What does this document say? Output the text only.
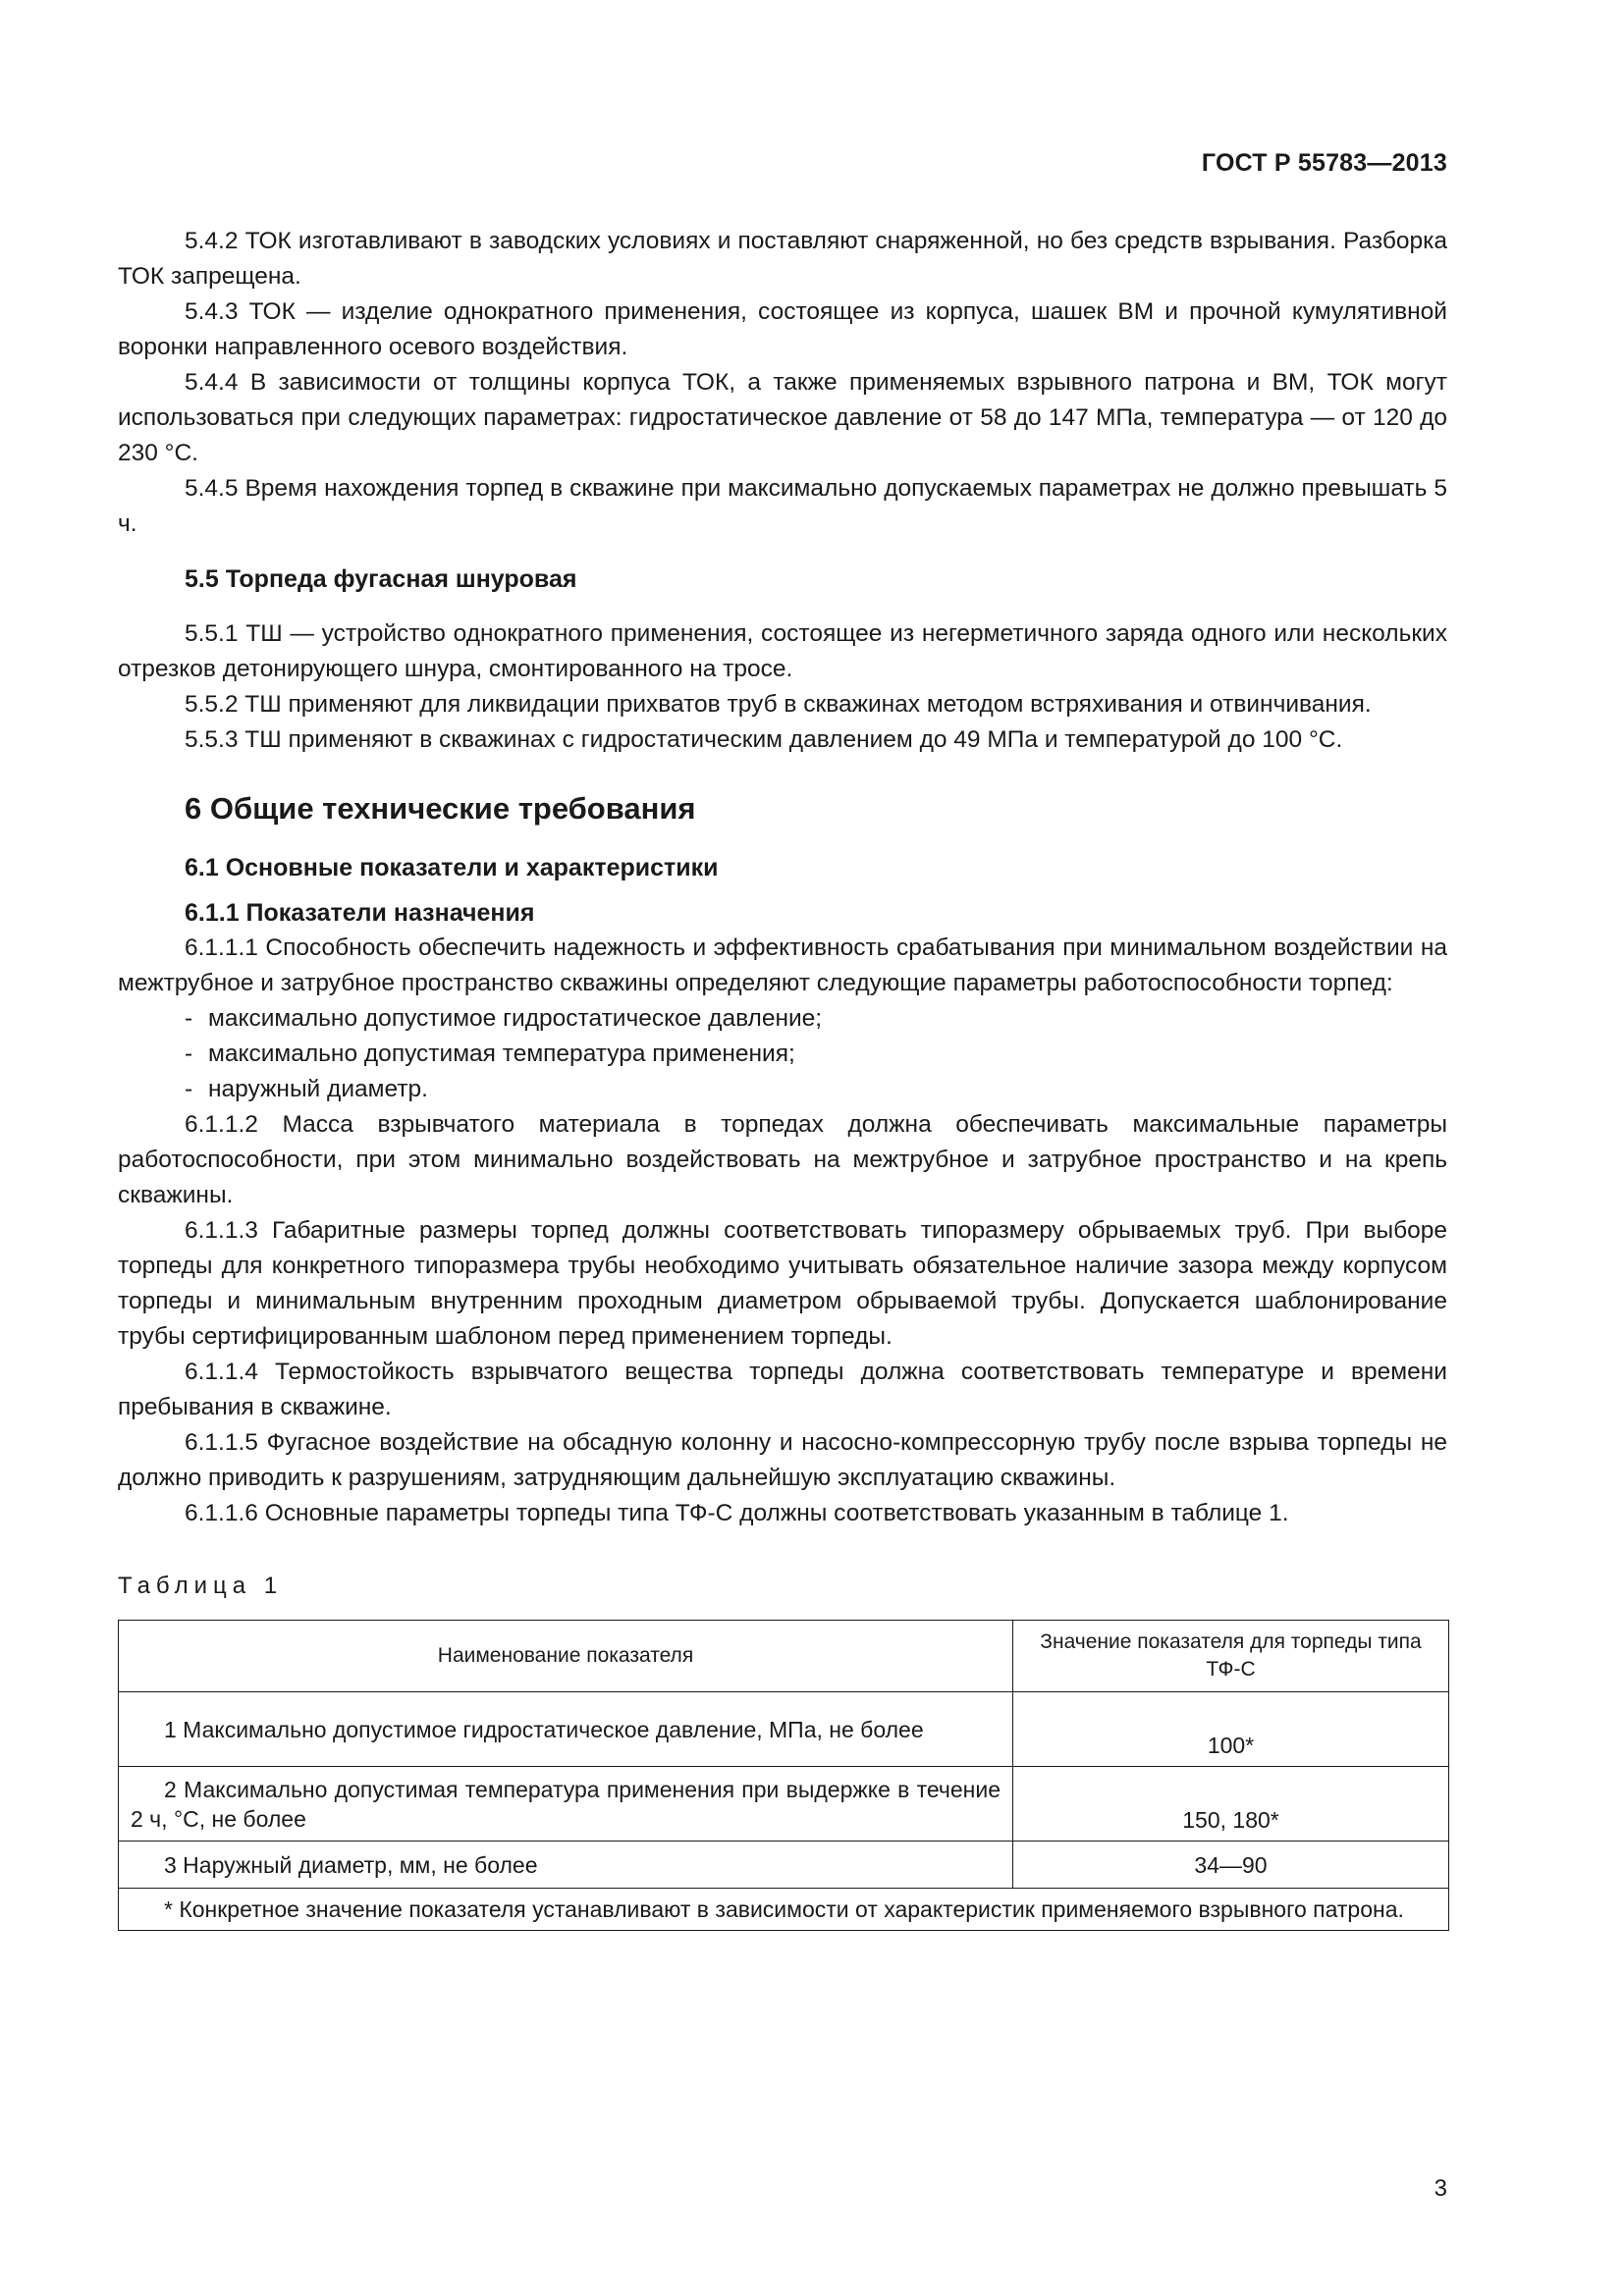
ГОСТ Р 55783—2013

5.4.2 ТОК изготавливают в заводских условиях и поставляют снаряженной, но без средств взрывания. Разборка ТОК запрещена.

5.4.3 ТОК — изделие однократного применения, состоящее из корпуса, шашек ВМ и прочной кумулятивной воронки направленного осевого воздействия.

5.4.4 В зависимости от толщины корпуса ТОК, а также применяемых взрывного патрона и ВМ, ТОК могут использоваться при следующих параметрах: гидростатическое давление от 58 до 147 МПа, температура — от 120 до 230 °С.

5.4.5 Время нахождения торпед в скважине при максимально допускаемых параметрах не должно превышать 5 ч.

5.5 Торпеда фугасная шнуровая

5.5.1 ТШ — устройство однократного применения, состоящее из негерметичного заряда одного или нескольких отрезков детонирующего шнура, смонтированного на тросе.

5.5.2 ТШ применяют для ликвидации прихватов труб в скважинах методом встряхивания и отвинчивания.

5.5.3 ТШ применяют в скважинах с гидростатическим давлением до 49 МПа и температурой до 100 °С.

6 Общие технические требования
6.1 Основные показатели и характеристики
6.1.1 Показатели назначения

6.1.1.1 Способность обеспечить надежность и эффективность срабатывания при минимальном воздействии на межтрубное и затрубное пространство скважины определяют следующие параметры работоспособности торпед:

- максимально допустимое гидростатическое давление;
- максимально допустимая температура применения;
- наружный диаметр.

6.1.1.2 Масса взрывчатого материала в торпедах должна обеспечивать максимальные параметры работоспособности, при этом минимально воздействовать на межтрубное и затрубное пространство и на крепь скважины.

6.1.1.3 Габаритные размеры торпед должны соответствовать типоразмеру обрываемых труб. При выборе торпеды для конкретного типоразмера трубы необходимо учитывать обязательное наличие зазора между корпусом торпеды и минимальным внутренним проходным диаметром обрываемой трубы. Допускается шаблонирование трубы сертифицированным шаблоном перед применением торпеды.

6.1.1.4 Термостойкость взрывчатого вещества торпеды должна соответствовать температуре и времени пребывания в скважине.

6.1.1.5 Фугасное воздействие на обсадную колонну и насосно-компрессорную трубу после взрыва торпеды не должно приводить к разрушениям, затрудняющим дальнейшую эксплуатацию скважины.

6.1.1.6 Основные параметры торпеды типа ТФ-С должны соответствовать указанным в таблице 1.

Таблица 1
Наименование показателя	Значение показателя для торпеды типа ТФ-С
1 Максимально допустимое гидростатическое давление, МПа, не более	100*
2 Максимально допустимая температура применения при выдержке в течение 2 ч, °С, не более	150, 180*
3 Наружный диаметр, мм, не более	34—90
* Конкретное значение показателя устанавливают в зависимости от характеристик применяемого взрывного патрона.	
3
